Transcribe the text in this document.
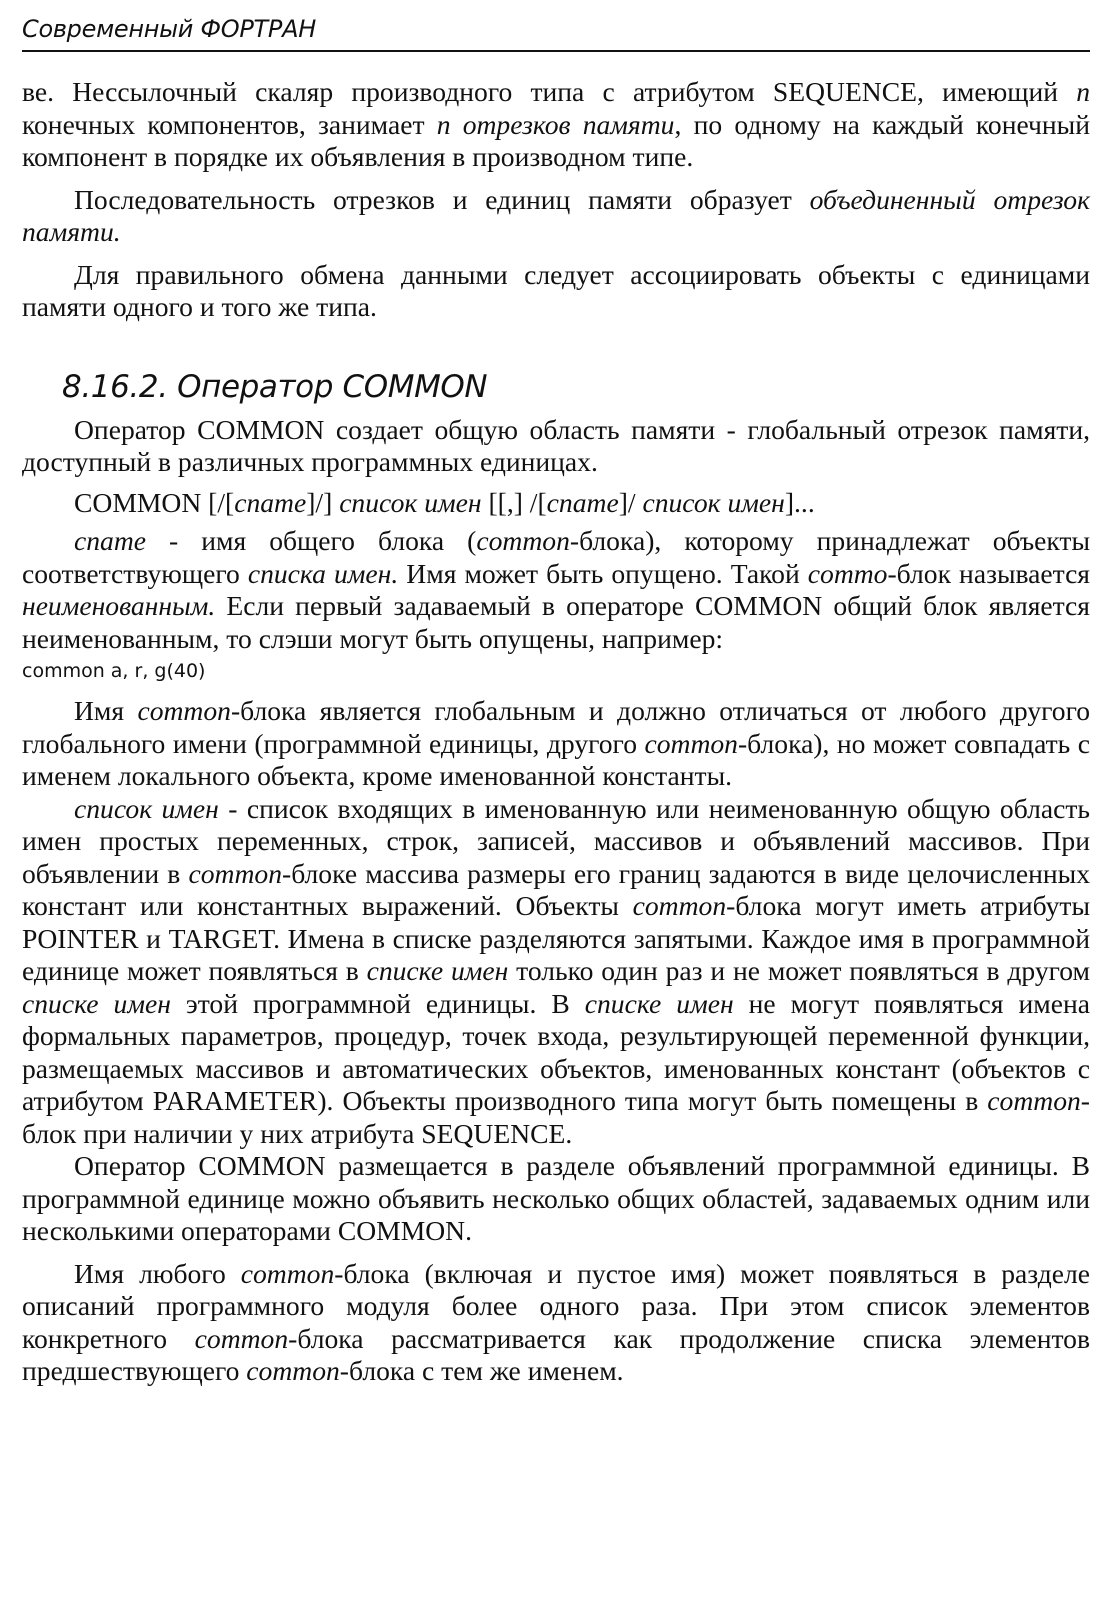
Современный ФОРТРАН

ве. Нессылочный скаляр производного типа с атрибутом SEQUENCE, имеющий n конечных компонентов, занимает n отрезков памяти, по одному на каждый конечный компонент в порядке их объявления в производном типе.

Последовательность отрезков и единиц памяти образует объединенный отрезок памяти.

Для правильного обмена данными следует ассоциировать объекты с единицами памяти одного и того же типа.

8.16.2. Оператор COMMON

Оператор COMMON создает общую область памяти - глобальный отрезок памяти, доступный в различных программных единицах.

COMMON [/[cname]/] список имен [[,] /[cname]/ список имен]...

cname - имя общего блока (common-блока), которому принадлежат объекты соответствующего списка имен. Имя может быть опущено. Такой commo-блок называется неименованным. Если первый задаваемый в операторе COMMON общий блок является неименованным, то слэши могут быть опущены, например:

common a, r, g(40)

Имя common-блока является глобальным и должно отличаться от любого другого глобального имени (программной единицы, другого common-блока), но может совпадать с именем локального объекта, кроме именованной константы.

список имен - список входящих в именованную или неименованную общую область имен простых переменных, строк, записей, массивов и объявлений массивов. При объявлении в common-блоке массива размеры его границ задаются в виде целочисленных констант или константных выражений. Объекты common-блока могут иметь атрибуты POINTER и TARGET. Имена в списке разделяются запятыми. Каждое имя в программной единице может появляться в списке имен только один раз и не может появляться в другом списке имен этой программной единицы. В списке имен не могут появляться имена формальных параметров, процедур, точек входа, результирующей переменной функции, размещаемых массивов и автоматических объектов, именованных констант (объектов с атрибутом PARAMETER). Объекты производного типа могут быть помещены в common-блок при наличии у них атрибута SEQUENCE.

Оператор COMMON размещается в разделе объявлений программной единицы. В программной единице можно объявить несколько общих областей, задаваемых одним или несколькими операторами COMMON.

Имя любого common-блока (включая и пустое имя) может появляться в разделе описаний программного модуля более одного раза. При этом список элементов конкретного common-блока рассматривается как продолжение списка элементов предшествующего common-блока с тем же именем.
